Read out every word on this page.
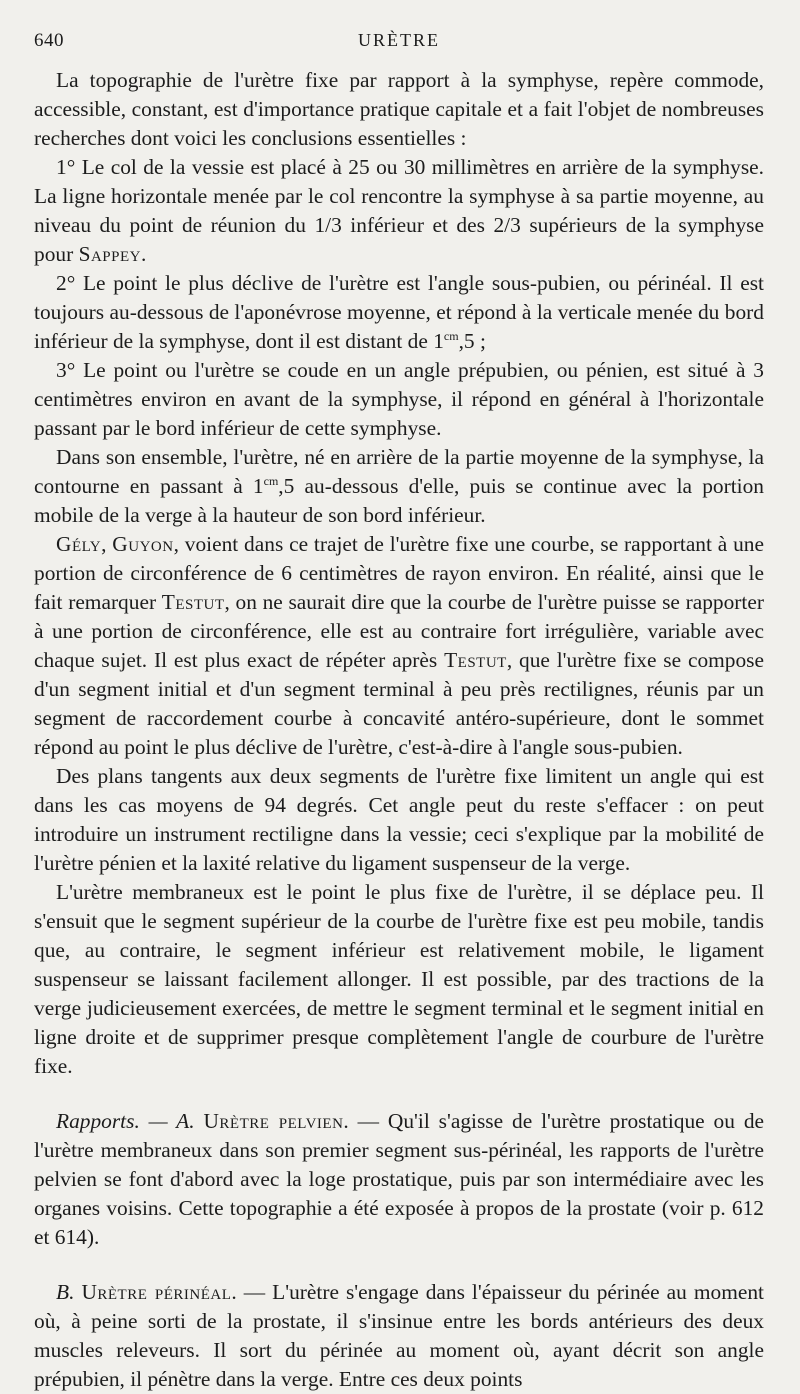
640	URÈTRE

La topographie de l'urètre fixe par rapport à la symphyse, repère commode, accessible, constant, est d'importance pratique capitale et a fait l'objet de nombreuses recherches dont voici les conclusions essentielles :

1° Le col de la vessie est placé à 25 ou 30 millimètres en arrière de la symphyse. La ligne horizontale menée par le col rencontre la symphyse à sa partie moyenne, au niveau du point de réunion du 1/3 inférieur et des 2/3 supérieurs de la symphyse pour Sappey.

2° Le point le plus déclive de l'urètre est l'angle sous-pubien, ou périnéal. Il est toujours au-dessous de l'aponévrose moyenne, et répond à la verticale menée du bord inférieur de la symphyse, dont il est distant de $1^{cm},5$ ;

3° Le point ou l'urètre se coude en un angle prépubien, ou pénien, est situé à 3 centimètres environ en avant de la symphyse, il répond en général à l'horizontale passant par le bord inférieur de cette symphyse.

Dans son ensemble, l'urètre, né en arrière de la partie moyenne de la symphyse, la contourne en passant à $1^{cm},5$ au-dessous d'elle, puis se continue avec la portion mobile de la verge à la hauteur de son bord inférieur.

Gély, Guyon, voient dans ce trajet de l'urètre fixe une courbe, se rapportant à une portion de circonférence de 6 centimètres de rayon environ. En réalité, ainsi que le fait remarquer Testut, on ne saurait dire que la courbe de l'urètre puisse se rapporter à une portion de circonférence, elle est au contraire fort irrégulière, variable avec chaque sujet. Il est plus exact de répéter après Testut, que l'urètre fixe se compose d'un segment initial et d'un segment terminal à peu près rectilignes, réunis par un segment de raccordement courbe à concavité antéro-supérieure, dont le sommet répond au point le plus déclive de l'urètre, c'est-à-dire à l'angle sous-pubien.

Des plans tangents aux deux segments de l'urètre fixe limitent un angle qui est dans les cas moyens de 94 degrés. Cet angle peut du reste s'effacer : on peut introduire un instrument rectiligne dans la vessie; ceci s'explique par la mobilité de l'urètre pénien et la laxité relative du ligament suspenseur de la verge.

L'urètre membraneux est le point le plus fixe de l'urètre, il se déplace peu. Il s'ensuit que le segment supérieur de la courbe de l'urètre fixe est peu mobile, tandis que, au contraire, le segment inférieur est relativement mobile, le ligament suspenseur se laissant facilement allonger. Il est possible, par des tractions de la verge judicieusement exercées, de mettre le segment terminal et le segment initial en ligne droite et de supprimer presque complètement l'angle de courbure de l'urètre fixe.

Rapports. — A. Urètre pelvien. — Qu'il s'agisse de l'urètre prostatique ou de l'urètre membraneux dans son premier segment sus-périnéal, les rapports de l'urètre pelvien se font d'abord avec la loge prostatique, puis par son intermédiaire avec les organes voisins. Cette topographie a été exposée à propos de la prostate (voir p. 612 et 614).

B. Urètre périnéal. — L'urètre s'engage dans l'épaisseur du périnée au moment où, à peine sorti de la prostate, il s'insinue entre les bords antérieurs des deux muscles releveurs. Il sort du périnée au moment où, ayant décrit son angle prépubien, il pénètre dans la verge. Entre ces deux points
